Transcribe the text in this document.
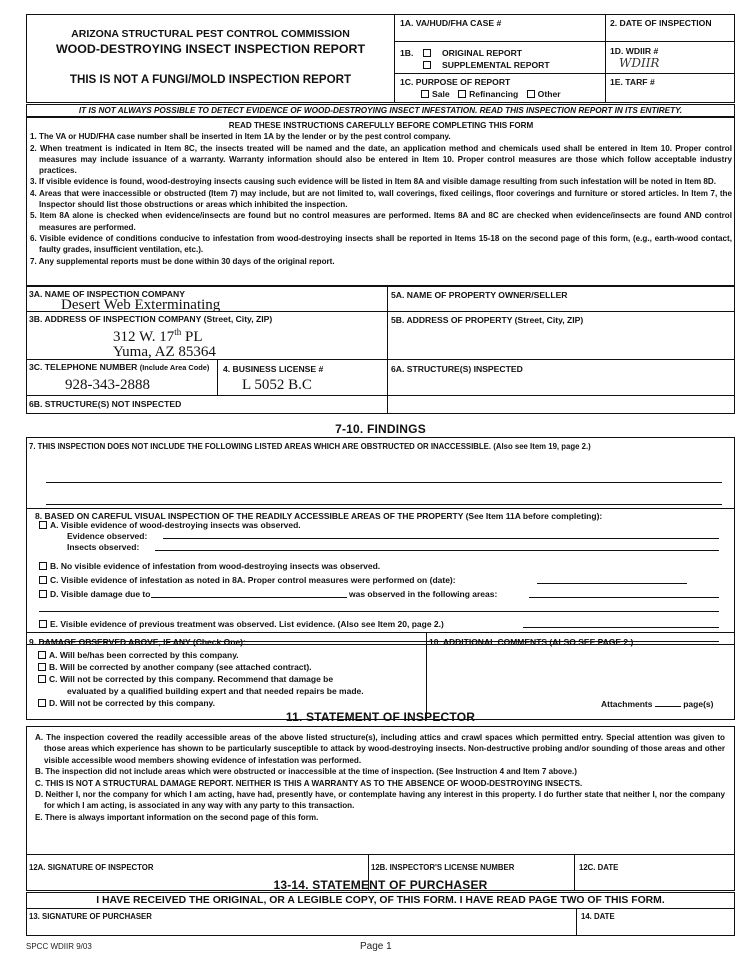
ARIZONA STRUCTURAL PEST CONTROL COMMISSION
WOOD-DESTROYING INSECT INSPECTION REPORT
THIS IS NOT A FUNGI/MOLD INSPECTION REPORT
1A. VA/HUD/FHA CASE #	2. DATE OF INSPECTION
1B.	ORIGINAL REPORT
SUPPLEMENTAL REPORT
1D. WDIIR #
WDIIR
1C. PURPOSE OF REPORT
Sale Refinancing Other
1E. TARF #
IT IS NOT ALWAYS POSSIBLE TO DETECT EVIDENCE OF WOOD-DESTROYING INSECT INFESTATION. READ THIS INSPECTION REPORT IN ITS ENTIRETY.
READ THESE INSTRUCTIONS CAREFULLY BEFORE COMPLETING THIS FORM

1. The VA or HUD/FHA case number shall be inserted in Item 1A by the lender or by the pest control company.

2. When treatment is indicated in Item 8C, the insects treated will be named and the date, an application method and chemicals used shall be entered in Item 10. Proper control measures may include issuance of a warranty. Warranty information should also be entered in Item 10. Proper control measures are those which follow acceptable industry practices.

3. If visible evidence is found, wood-destroying insects causing such evidence will be listed in Item 8A and visible damage resulting from such infestation will be noted in Item 8D.

4. Areas that were inaccessible or obstructed (Item 7) may include, but are not limited to, wall coverings, fixed ceilings, floor coverings and furniture or stored articles. In Item 7, the Inspector should list those obstructions or areas which inhibited the inspection.

5. Item 8A alone is checked when evidence/insects are found but no control measures are performed. Items 8A and 8C are checked when evidence/insects are found AND control measures are performed.

6. Visible evidence of conditions conducive to infestation from wood-destroying insects shall be reported in Items 15-18 on the second page of this form, (e.g., earth-wood contact, faulty grades, insufficient ventilation, etc.).

7. Any supplemental reports must be done within 30 days of the original report.

3A. NAME OF INSPECTION COMPANY
Desert Web Exterminating
3B. ADDRESS OF INSPECTION COMPANY (Street, City, ZIP)
312 W. 17th PL
Yuma, AZ 85364
3C. TELEPHONE NUMBER (Include Area Code)
928-343-2888
4. BUSINESS LICENSE #
L 5052 B.C
6B. STRUCTURE(S) NOT INSPECTED
5A. NAME OF PROPERTY OWNER/SELLER
5B. ADDRESS OF PROPERTY (Street, City, ZIP)
6A. STRUCTURE(S) INSPECTED
7-10. FINDINGS
7. THIS INSPECTION DOES NOT INCLUDE THE FOLLOWING LISTED AREAS WHICH ARE OBSTRUCTED OR INACCESSIBLE. (Also see Item 19, page 2.)
8. BASED ON CAREFUL VISUAL INSPECTION OF THE READILY ACCESSIBLE AREAS OF THE PROPERTY (See Item 11A before completing):
A. Visible evidence of wood-destroying insects was observed.
Evidence observed:
Insects observed:
B. No visible evidence of infestation from wood-destroying insects was observed.
C. Visible evidence of infestation as noted in 8A. Proper control measures were performed on (date):
D. Visible damage due to	was observed in the following areas:
E. Visible evidence of previous treatment was observed. List evidence. (Also see Item 20, page 2.)
9. DAMAGE OBSERVED ABOVE, IF ANY (Check One):
A. Will be/has been corrected by this company.
B. Will be corrected by another company (see attached contract).
C. Will not be corrected by this company. Recommend that damage be
evaluated by a qualified building expert and that needed repairs be made.
D. Will not be corrected by this company.
10. ADDITIONAL COMMENTS (ALSO SEE PAGE 2.)
Attachments	page(s)
11. STATEMENT OF INSPECTOR

A. The inspection covered the readily accessible areas of the above listed structure(s), including attics and crawl spaces which permitted entry. Special attention was given to those areas which experience has shown to be particularly susceptible to attack by wood-destroying insects. Non-destructive probing and/or sounding of those areas and other visible accessible wood members showing evidence of infestation was performed.

B. The inspection did not include areas which were obstructed or inaccessible at the time of inspection. (See Instruction 4 and Item 7 above.)

C. THIS IS NOT A STRUCTURAL DAMAGE REPORT. NEITHER IS THIS A WARRANTY AS TO THE ABSENCE OF WOOD-DESTROYING INSECTS.

D. Neither I, nor the company for which I am acting, have had, presently have, or contemplate having any interest in this property. I do further state that neither I, nor the company for which I am acting, is associated in any way with any party to this transaction.

E. There is always important information on the second page of this form.

12A. SIGNATURE OF INSPECTOR	12B. INSPECTOR'S LICENSE NUMBER	12C. DATE
13-14. STATEMENT OF PURCHASER
I HAVE RECEIVED THE ORIGINAL, OR A LEGIBLE COPY, OF THIS FORM. I HAVE READ PAGE TWO OF THIS FORM.
13. SIGNATURE OF PURCHASER	14. DATE
SPCC WDIIR 9/03	Page 1
